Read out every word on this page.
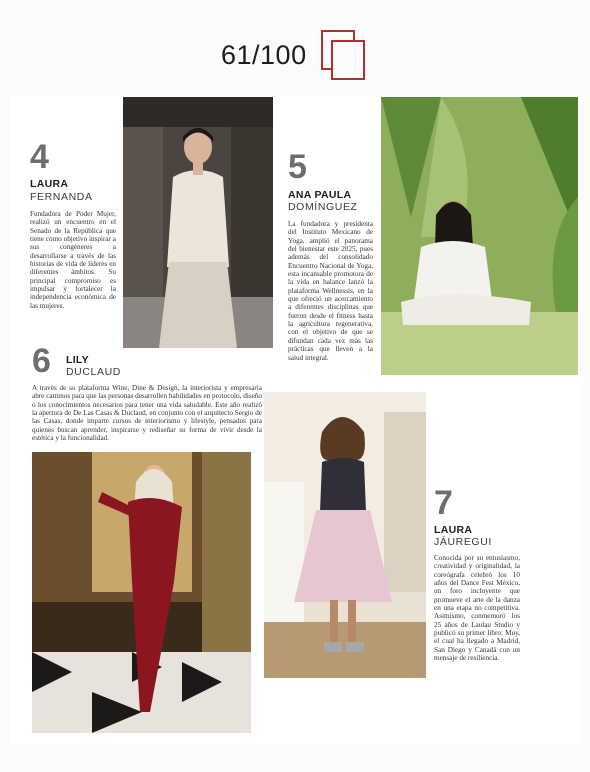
61/100
4
LAURA
FERNANDA
Fundadora de Poder Mujer, realizó un encuentro en el Senado de la República que tiene como objetivo inspirar a sus congéneres a desarrollarse a través de las historias de vida de líderes en diferentes ámbitos. Su principal compromiso es impulsar y fortalecer la independencia económica de las mujeres.
5
ANA PAULA
DOMÍNGUEZ
La fundadora y presidenta del Instituto Mexicano de Yoga, amplió el panorama del bienestar este 2025, pues además del consolidado Encuentro Nacional de Yoga, esta incansable promotora de la vida en balance lanzó la plataforma Wellnessis, en la que ofreció un acercamiento a diferentes disciplinas que fueron desde el fitness hasta la agricultura regenerativa, con el objetivo de que se difundan cada vez más las prácticas que lleven a la salud integral.
6 LILY
DUCLAUD
A través de su plataforma Wine, Dine & Design, la interiorista y empresaria abre caminos para que las personas desarrollen habilidades en protocolo, diseño o los conocimientos necesarios para tener una vida saludable. Este año realizó la apertura de De Las Casas & Duclaud, en conjunto con el arquitecto Sergio de las Casas, donde imparte cursos de interiorismo y lifestyle, pensados para quienes buscan aprender, inspirarse y rediseñar su forma de vivir desde la estética y la funcionalidad.
7
LAURA
JÁUREGUI
Conocida por su entusiasmo, creatividad y originalidad, la coreógrafa celebró los 10 años del Dance Fest México, un foro incluyente que promueve el arte de la danza en una etapa no competitiva. Asimismo, conmemoró los 25 años de Laulau Studio y publicó su primer libro: Muy, el cual ha llegado a Madrid, San Diego y Canadá con un mensaje de resiliencia.
